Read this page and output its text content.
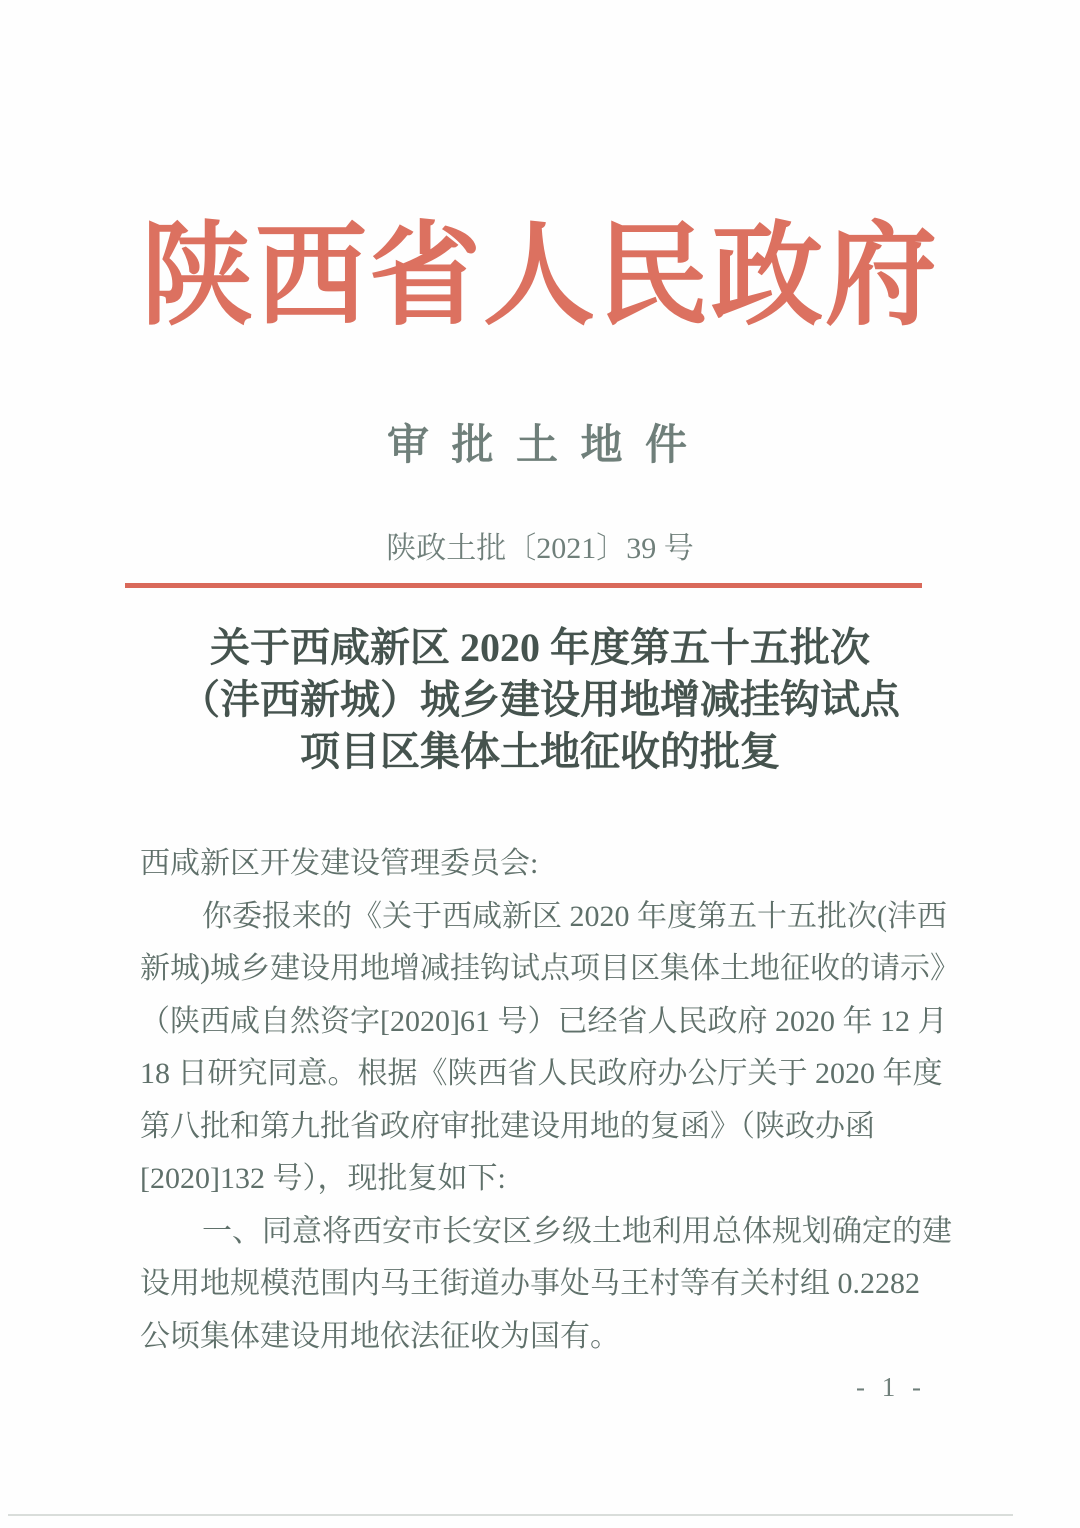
陕西省人民政府
审 批 土 地 件
陕政土批〔2021〕39 号
关于西咸新区 2020 年度第五十五批次
（沣西新城）城乡建设用地增减挂钩试点
项目区集体土地征收的批复

西咸新区开发建设管理委员会:

你委报来的《关于西咸新区 2020 年度第五十五批次(沣西

新城)城乡建设用地增减挂钩试点项目区集体土地征收的请示》

（陕西咸自然资字[2020]61 号）已经省人民政府 2020 年 12 月

18 日研究同意。根据《陕西省人民政府办公厅关于 2020 年度

第八批和第九批省政府审批建设用地的复函》（陕政办函

[2020]132 号），现批复如下:

一、同意将西安市长安区乡级土地利用总体规划确定的建

设用地规模范围内马王街道办事处马王村等有关村组 0.2282

公顷集体建设用地依法征收为国有。

- 1 -
